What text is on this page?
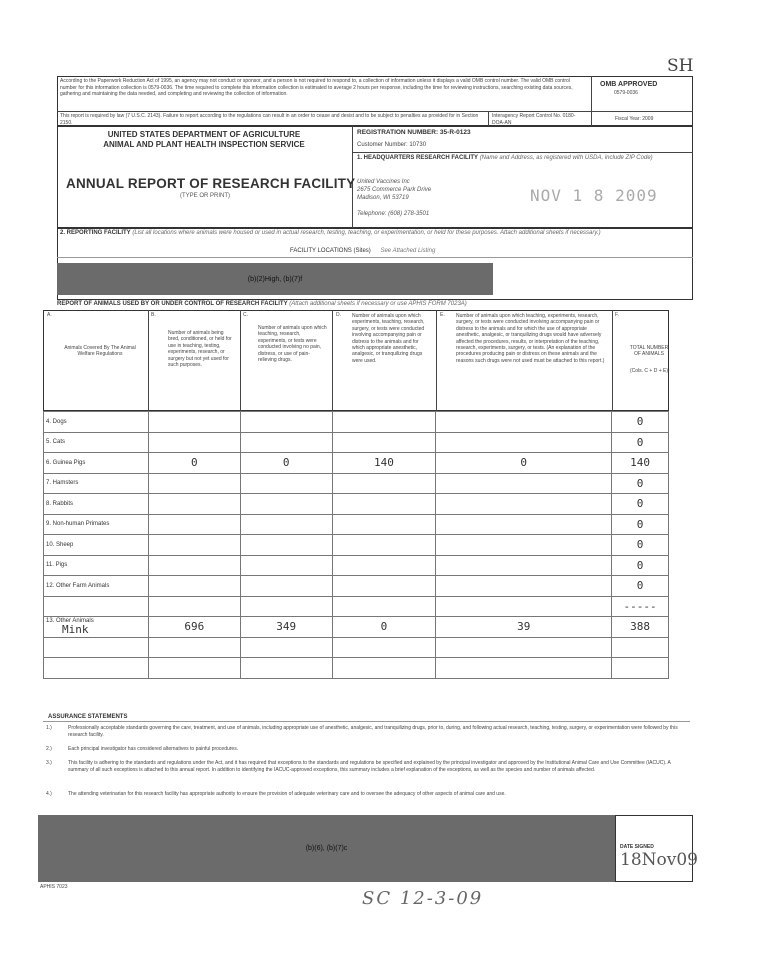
SH
According to the Paperwork Reduction Act of 1995, an agency may not conduct or sponsor, and a person is not required to respond to, a collection of information unless it displays a valid OMB control number. The valid OMB control number for this information collection is 0579-0036. The time required to complete this information collection is estimated to average 2 hours per response, including the time for reviewing instructions, searching existing data sources, gathering and maintaining the data needed, and completing and reviewing the collection of information.
OMB APPROVED
0579-0036
This report is required by law (7 U.S.C. 2143). Failure to report according to the regulations can result in an order to cease and desist and to be subject to penalties as provided for in Section 2150.
Interagency Report Control No. 0180-DOA-AN
Fiscal Year: 2009
UNITED STATES DEPARTMENT OF AGRICULTURE
ANIMAL AND PLANT HEALTH INSPECTION SERVICE
REGISTRATION NUMBER: 35-R-0123
Customer Number: 10730
ANNUAL REPORT OF RESEARCH FACILITY
(TYPE OR PRINT)
1. HEADQUARTERS RESEARCH FACILITY (Name and Address, as registered with USDA, include ZIP Code)
United Vaccines Inc
2675 Commerce Park Drive
Madison, WI 53719
Telephone: (608) 278-3501
NOV 1 8 2009
2. REPORTING FACILITY (List all locations where animals were housed or used in actual research, testing, teaching, or experimentation, or held for these purposes. Attach additional sheets if necessary.)
FACILITY LOCATIONS (Sites) See Attached Listing
(b)(2)High, (b)(7)f
REPORT OF ANIMALS USED BY OR UNDER CONTROL OF RESEARCH FACILITY (Attach additional sheets if necessary or use APHIS FORM 7023A)
A.
Animals Covered By The Animal Welfare Regulations
B.
Number of animals being bred, conditioned, or held for use in teaching, testing, experiments, research, or surgery but not yet used for such purposes.
C.
Number of animals upon which teaching, research, experiments, or tests were conducted involving no pain, distress, or use of pain-relieving drugs.
D. Number of animals upon which experiments, teaching, research, surgery, or tests were conducted involving accompanying pain or distress to the animals and for which appropriate anesthetic, analgesic, or tranquilizing drugs were used.
E. Number of animals upon which teaching, experiments, research, surgery, or tests were conducted involving accompanying pain or distress to the animals and for which the use of appropriate anesthetic, analgesic, or tranquilizing drugs would have adversely affected the procedures, results, or interpretation of the teaching, research, experiments, surgery, or tests. (An explanation of the procedures producing pain or distress on these animals and the reasons such drugs were not used must be attached to this report.)
F.
TOTAL NUMBER OF ANIMALS
(Cols. C + D + E)
4. Dogs					0

5. Cats					0

6. Guinea Pigs	0	0	140	0	140

7. Hamsters					0

8. Rabbits					0

9. Non-human Primates					0

10. Sheep					0

11. Pigs					0

12. Other Farm Animals					0

					-----

13. Other Animals
Mink	696	349	0	39	388

ASSURANCE STATEMENTS
1.)	Professionally acceptable standards governing the care, treatment, and use of animals, including appropriate use of anesthetic, analgesic, and tranquilizing drugs, prior to, during, and following actual research, teaching, testing, surgery, or experimentation were followed by this research facility.
2.)	Each principal investigator has considered alternatives to painful procedures.
3.)	This facility is adhering to the standards and regulations under the Act, and it has required that exceptions to the standards and regulations be specified and explained by the principal investigator and approved by the Institutional Animal Care and Use Committee (IACUC). A summary of all such exceptions is attached to this annual report. In addition to identifying the IACUC-approved exceptions, this summary includes a brief explanation of the exceptions, as well as the species and number of animals affected.
4.)	The attending veterinarian for this research facility has appropriate authority to ensure the provision of adequate veterinary care and to oversee the adequacy of other aspects of animal care and use.
(b)(6), (b)(7)c	DATE SIGNED
18Nov09
APHIS 7023
SC 12-3-09
